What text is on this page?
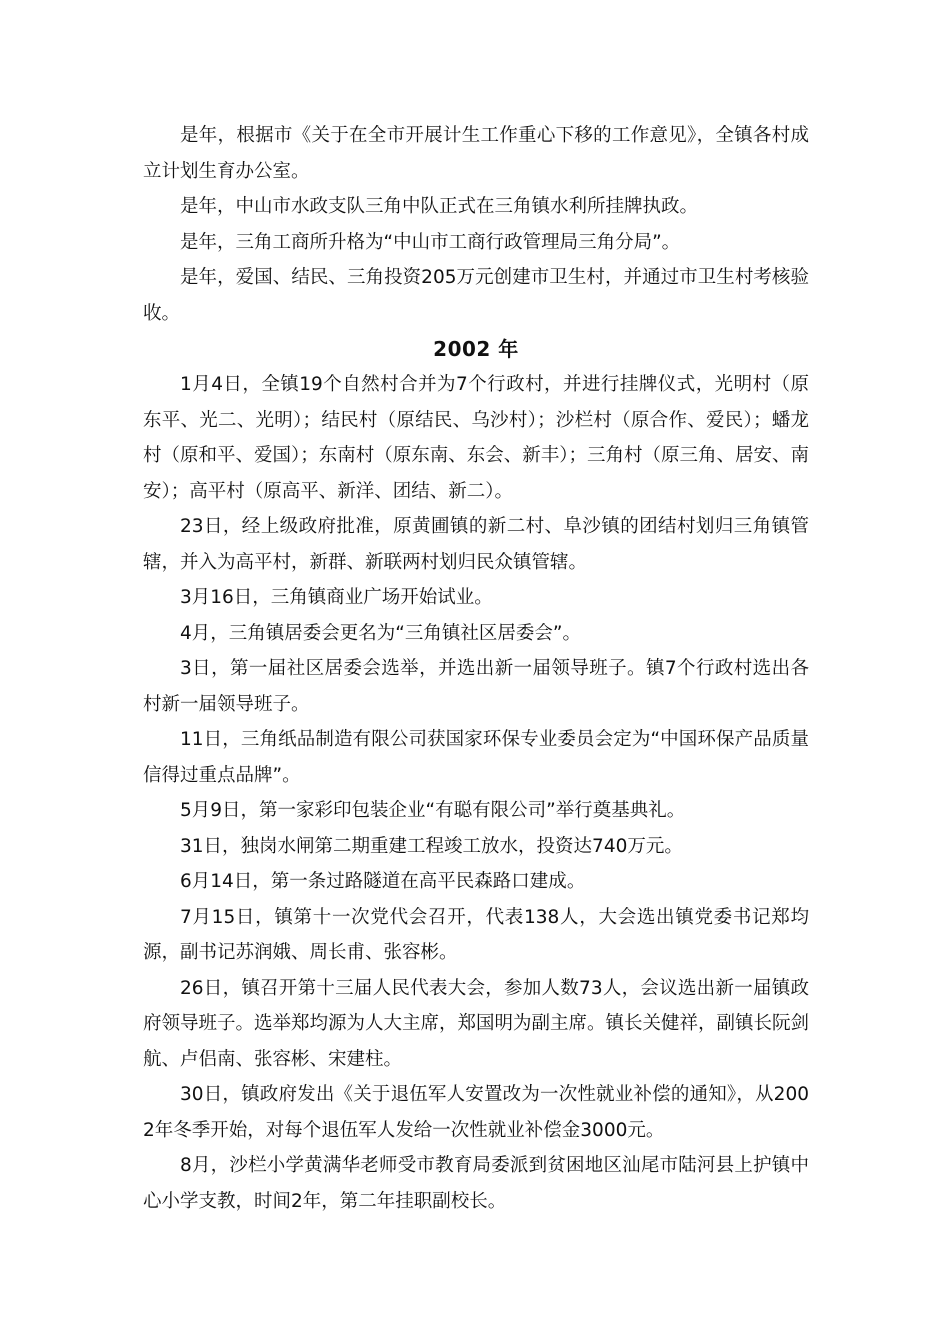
是年，根据市《关于在全市开展计生工作重心下移的工作意见》，全镇各村成立计划生育办公室。

是年，中山市水政支队三角中队正式在三角镇水利所挂牌执政。

是年，三角工商所升格为“中山市工商行政管理局三角分局”。

是年，爱国、结民、三角投资205万元创建市卫生村，并通过市卫生村考核验收。

2002 年

1月4日，全镇19个自然村合并为7个行政村，并进行挂牌仪式，光明村（原东平、光二、光明）；结民村（原结民、乌沙村）；沙栏村（原合作、爱民）；蟠龙村（原和平、爱国）；东南村（原东南、东会、新丰）；三角村（原三角、居安、南安）；高平村（原高平、新洋、团结、新二）。

23日，经上级政府批准，原黄圃镇的新二村、阜沙镇的团结村划归三角镇管辖，并入为高平村，新群、新联两村划归民众镇管辖。

3月16日，三角镇商业广场开始试业。

4月，三角镇居委会更名为“三角镇社区居委会”。

3日，第一届社区居委会选举，并选出新一届领导班子。镇7个行政村选出各村新一届领导班子。

11日，三角纸品制造有限公司获国家环保专业委员会定为“中国环保产品质量信得过重点品牌”。

5月9日，第一家彩印包装企业“有聪有限公司”举行奠基典礼。

31日，独岗水闸第二期重建工程竣工放水，投资达740万元。

6月14日，第一条过路隧道在高平民森路口建成。

7月15日，镇第十一次党代会召开，代表138人，大会选出镇党委书记郑均源，副书记苏润娥、周长甫、张容彬。

26日，镇召开第十三届人民代表大会，参加人数73人，会议选出新一届镇政府领导班子。选举郑均源为人大主席，郑国明为副主席。镇长关健祥，副镇长阮剑航、卢侣南、张容彬、宋建柱。

30日，镇政府发出《关于退伍军人安置改为一次性就业补偿的通知》，从2002年冬季开始，对每个退伍军人发给一次性就业补偿金3000元。

8月，沙栏小学黄满华老师受市教育局委派到贫困地区汕尾市陆河县上护镇中心小学支教，时间2年，第二年挂职副校长。
